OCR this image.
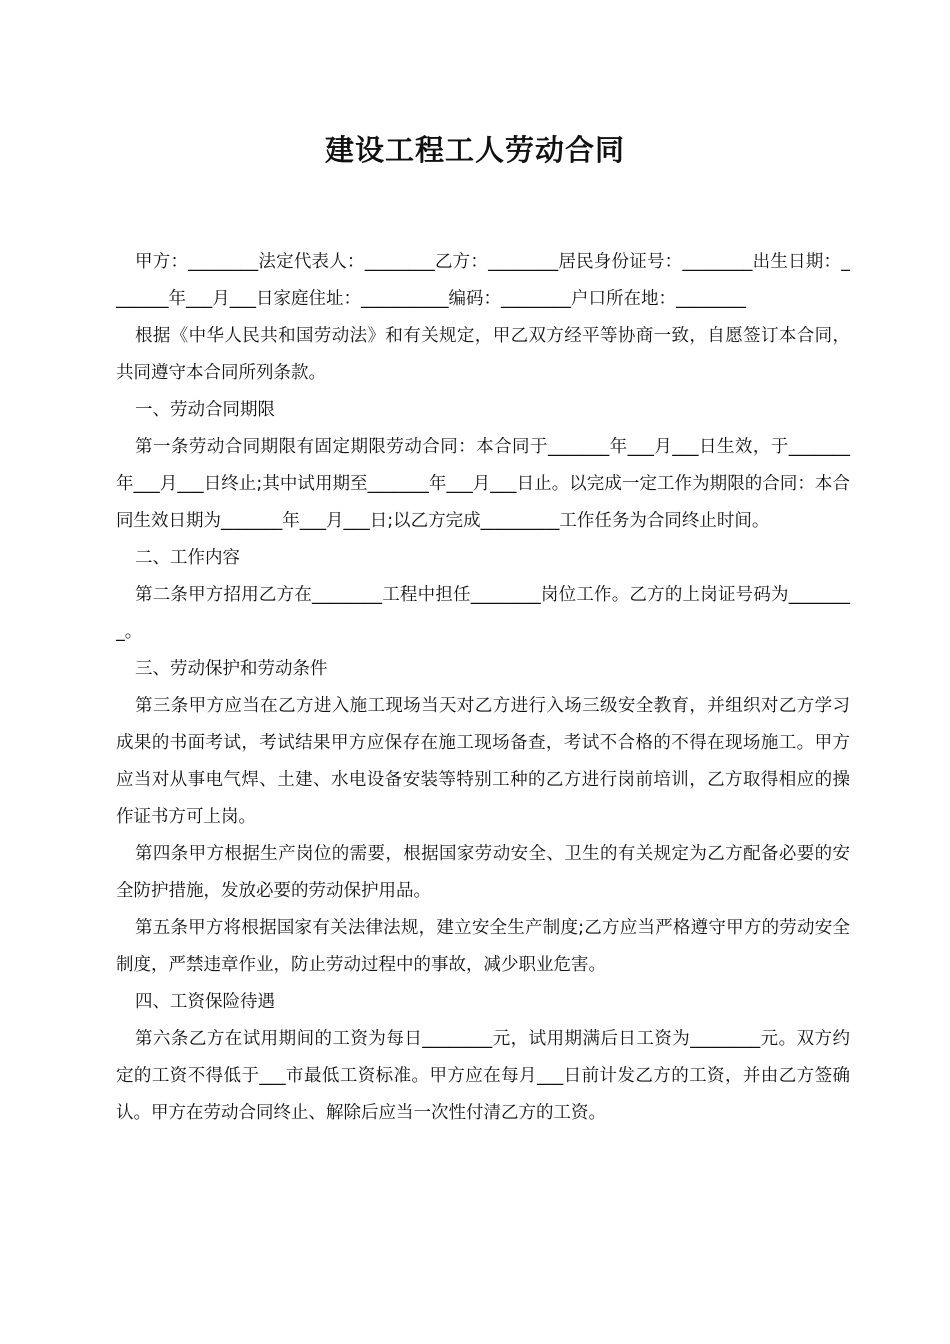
建设工程工人劳动合同

甲方：________法定代表人：________乙方：________居民身份证号：________出生日期：_______年___月___日家庭住址：__________编码：________户口所在地：________

根据《中华人民共和国劳动法》和有关规定，甲乙双方经平等协商一致，自愿签订本合同，共同遵守本合同所列条款。

一、劳动合同期限

第一条劳动合同期限有固定期限劳动合同：本合同于_______年___月___日生效，于_______年___月___日终止;其中试用期至_______年___月___日止。以完成一定工作为期限的合同：本合同生效日期为_______年___月___日;以乙方完成_________工作任务为合同终止时间。

二、工作内容

第二条甲方招用乙方在________工程中担任________岗位工作。乙方的上岗证号码为________。

三、劳动保护和劳动条件

第三条甲方应当在乙方进入施工现场当天对乙方进行入场三级安全教育，并组织对乙方学习成果的书面考试，考试结果甲方应保存在施工现场备查，考试不合格的不得在现场施工。甲方应当对从事电气焊、土建、水电设备安装等特别工种的乙方进行岗前培训，乙方取得相应的操作证书方可上岗。

第四条甲方根据生产岗位的需要，根据国家劳动安全、卫生的有关规定为乙方配备必要的安全防护措施，发放必要的劳动保护用品。

第五条甲方将根据国家有关法律法规，建立安全生产制度;乙方应当严格遵守甲方的劳动安全制度，严禁违章作业，防止劳动过程中的事故，减少职业危害。

四、工资保险待遇

第六条乙方在试用期间的工资为每日________元，试用期满后日工资为________元。双方约定的工资不得低于___市最低工资标准。甲方应在每月___日前计发乙方的工资，并由乙方签确认。甲方在劳动合同终止、解除后应当一次性付清乙方的工资。
